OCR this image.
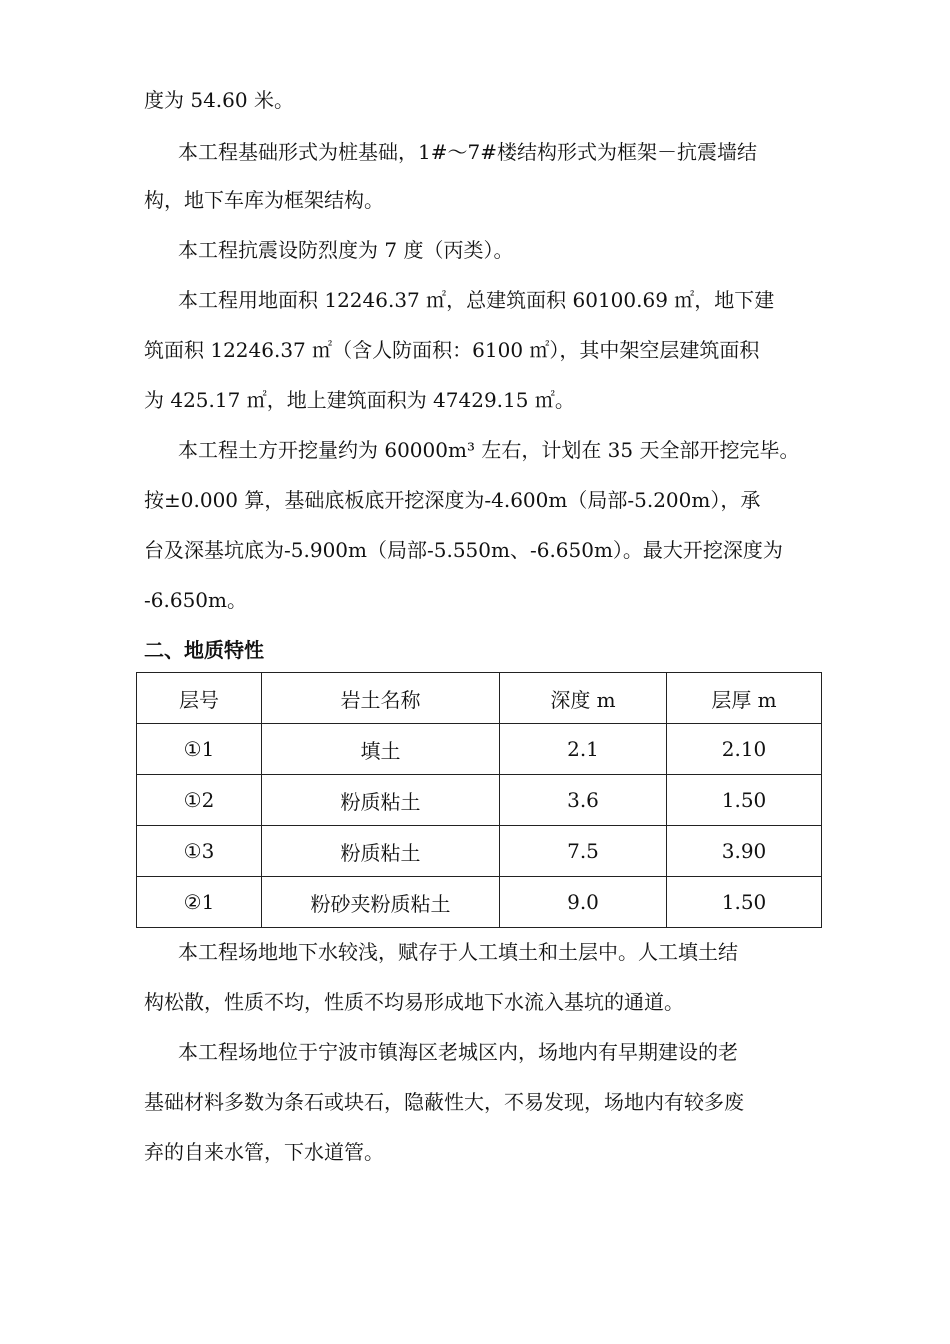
度为 54.60 米。
本工程基础形式为桩基础，1#～7#楼结构形式为框架－抗震墙结
构，地下车库为框架结构。
本工程抗震设防烈度为 7 度（丙类）。
本工程用地面积 12246.37 ㎡，总建筑面积 60100.69 ㎡，地下建
筑面积 12246.37 ㎡（含人防面积：6100 ㎡），其中架空层建筑面积
为 425.17 ㎡，地上建筑面积为 47429.15 ㎡。
本工程土方开挖量约为 60000m³ 左右，计划在 35 天全部开挖完毕。
按±0.000 算，基础底板底开挖深度为-4.600m（局部-5.200m），承
台及深基坑底为-5.900m（局部-5.550m、-6.650m）。最大开挖深度为
-6.650m。
二、地质特性
层号	岩土名称	深度 m	层厚 m
①1	填土	2.1	2.10
①2	粉质粘土	3.6	1.50
①3	粉质粘土	7.5	3.90
②1	粉砂夹粉质粘土	9.0	1.50
本工程场地地下水较浅，赋存于人工填土和土层中。人工填土结
构松散，性质不均，性质不均易形成地下水流入基坑的通道。
本工程场地位于宁波市镇海区老城区内，场地内有早期建设的老
基础材料多数为条石或块石，隐蔽性大，不易发现，场地内有较多废
弃的自来水管，下水道管。
